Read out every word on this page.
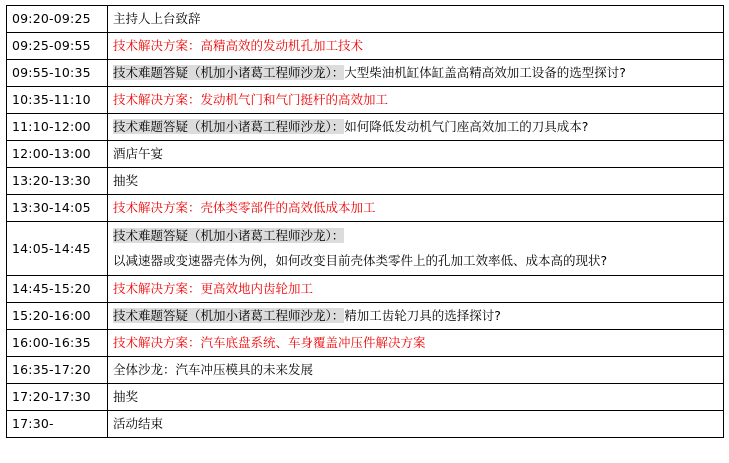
09:20-09:25	主持人上台致辞
09:25-09:55	技术解决方案：高精高效的发动机孔加工技术
09:55-10:35	技术难题答疑（机加小诸葛工程师沙龙）：大型柴油机缸体缸盖高精高效加工设备的选型探讨?
10:35-11:10	技术解决方案：发动机气门和气门挺杆的高效加工
11:10-12:00	技术难题答疑（机加小诸葛工程师沙龙）：如何降低发动机气门座高效加工的刀具成本?
12:00-13:00	酒店午宴
13:20-13:30	抽奖
13:30-14:05	技术解决方案：壳体类零部件的高效低成本加工
14:05-14:45	技术难题答疑（机加小诸葛工程师沙龙）：
以减速器或变速器壳体为例，如何改变目前壳体类零件上的孔加工效率低、成本高的现状?

14:45-15:20	技术解决方案：更高效地内齿轮加工
15:20-16:00	技术难题答疑（机加小诸葛工程师沙龙）：精加工齿轮刀具的选择探讨?
16:00-16:35	技术解决方案：汽车底盘系统、车身覆盖冲压件解决方案
16:35-17:20	全体沙龙：汽车冲压模具的未来发展
17:20-17:30	抽奖
17:30-	活动结束
